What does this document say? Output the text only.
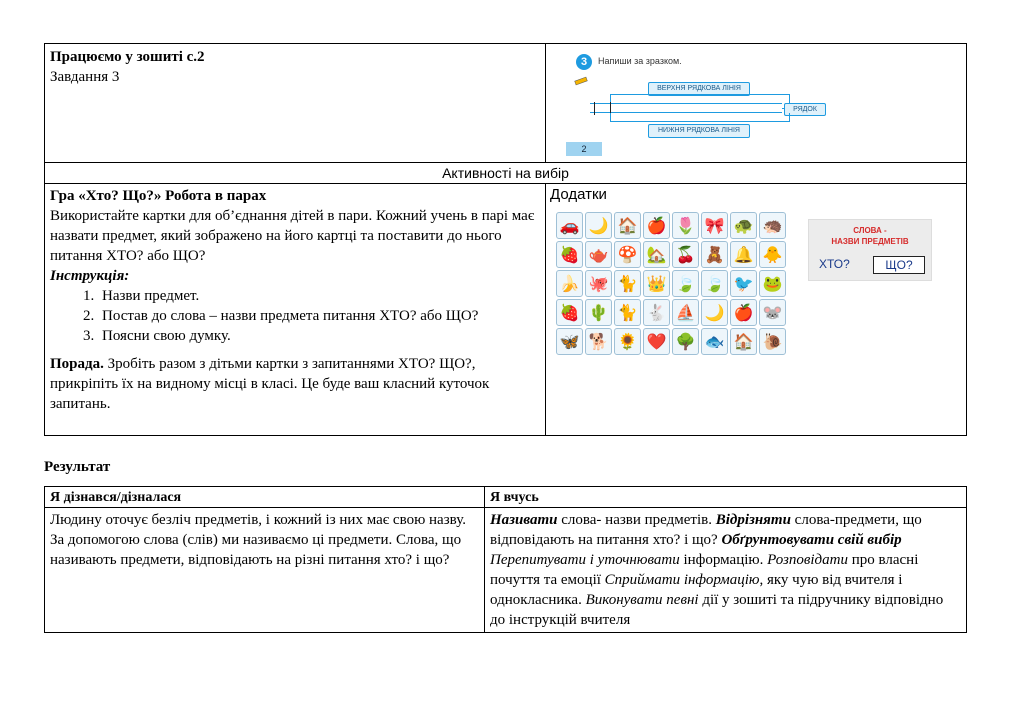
Працюємо у зошиті с.2
Завдання 3
3	Напиши за зразком.
ВЕРХНЯ РЯДКОВА ЛІНІЯ
РЯДОК
НИЖНЯ РЯДКОВА ЛІНІЯ
2
Активності на вибір
Гра «Хто? Що?» Робота в парах
Використайте картки для об’єднання дітей в пари. Кожний учень в парі має назвати предмет, який зображено на його картці та поставити до нього питання ХТО? або ЩО?
Інструкція:
1. Назви предмет.
2. Постав до слова – назви предмета питання ХТО? або ЩО?
3. Поясни свою думку.
Порада. Зробіть разом з дітьми картки з запитаннями ХТО? ЩО?, прикріпіть їх на видному місці в класі. Це буде ваш класний куточок запитань.
Додатки
🚗 🌙 🏠 🍎 🌷 🎀 🐢 🦔
🍓 🫖 🍄 🏡 🍒 🧸 🔔 🐥
🍌 🐙 🐈 👑 🍃 🍃 🐦 🐸
🍓 🌵 🐈 🐇 ⛵ 🌙 🍎 🐭
🦋 🐕 🌻 ❤️ 🌳 🐟 🏠 🐌
СЛОВА -
НАЗВИ ПРЕДМЕТІВ
ХТО?	ЩО?
Результат
Я дізнався/дізналася	Я вчусь
Людину оточує безліч предметів, і кожний із них має свою назву. За допомогою слова (слів) ми називаємо ці предмети. Слова, що називають предмети, відповідають на різні питання хто? і що?
Називати слова- назви предметів. Відрізняти слова-предмети, що відповідають на питання хто? і що? Обґрунтовувати свій вибір Перепитувати і уточнювати інформацію. Розповідати про власні почуття та емоції Сприймати інформацію, яку чую від вчителя і однокласника. Виконувати певні дії у зошиті та підручнику відповідно до інструкцій вчителя
